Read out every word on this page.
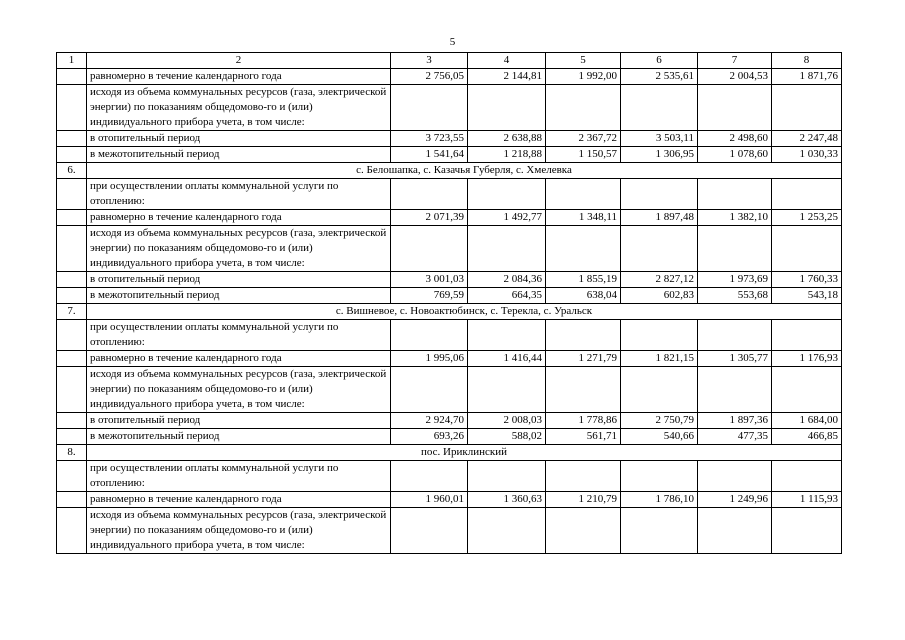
5
1	2	3	4	5	6	7	8
	равномерно в течение календарного года	2 756,05	2 144,81	1 992,00	2 535,61	2 004,53	1 871,76
	исходя из объема коммунальных ресурсов (газа, электрической энергии) по показаниям общедомово-го и (или) индивидуального прибора учета, в том числе:						
	в отопительный период	3 723,55	2 638,88	2 367,72	3 503,11	2 498,60	2 247,48
	в межотопительный период	1 541,64	1 218,88	1 150,57	1 306,95	1 078,60	1 030,33
6.	с. Белошапка, с. Казачья Губерля, с. Хмелевка						
	при осуществлении оплаты коммунальной услуги по отоплению:						
	равномерно в течение календарного года	2 071,39	1 492,77	1 348,11	1 897,48	1 382,10	1 253,25
	исходя из объема коммунальных ресурсов (газа, электрической энергии) по показаниям общедомово-го и (или) индивидуального прибора учета, в том числе:						
	в отопительный период	3 001,03	2 084,36	1 855,19	2 827,12	1 973,69	1 760,33
	в межотопительный период	769,59	664,35	638,04	602,83	553,68	543,18
7.	с. Вишневое, с. Новоактюбинск, с. Терекла, с. Уральск						
	при осуществлении оплаты коммунальной услуги по отоплению:						
	равномерно в течение календарного года	1 995,06	1 416,44	1 271,79	1 821,15	1 305,77	1 176,93
	исходя из объема коммунальных ресурсов (газа, электрической энергии) по показаниям общедомово-го и (или) индивидуального прибора учета, в том числе:						
	в отопительный период	2 924,70	2 008,03	1 778,86	2 750,79	1 897,36	1 684,00
	в межотопительный период	693,26	588,02	561,71	540,66	477,35	466,85
8.	пос. Ириклинский						
	при осуществлении оплаты коммунальной услуги по отоплению:						
	равномерно в течение календарного года	1 960,01	1 360,63	1 210,79	1 786,10	1 249,96	1 115,93
	исходя из объема коммунальных ресурсов (газа, электрической энергии) по показаниям общедомово-го и (или) индивидуального прибора учета, в том числе:						
